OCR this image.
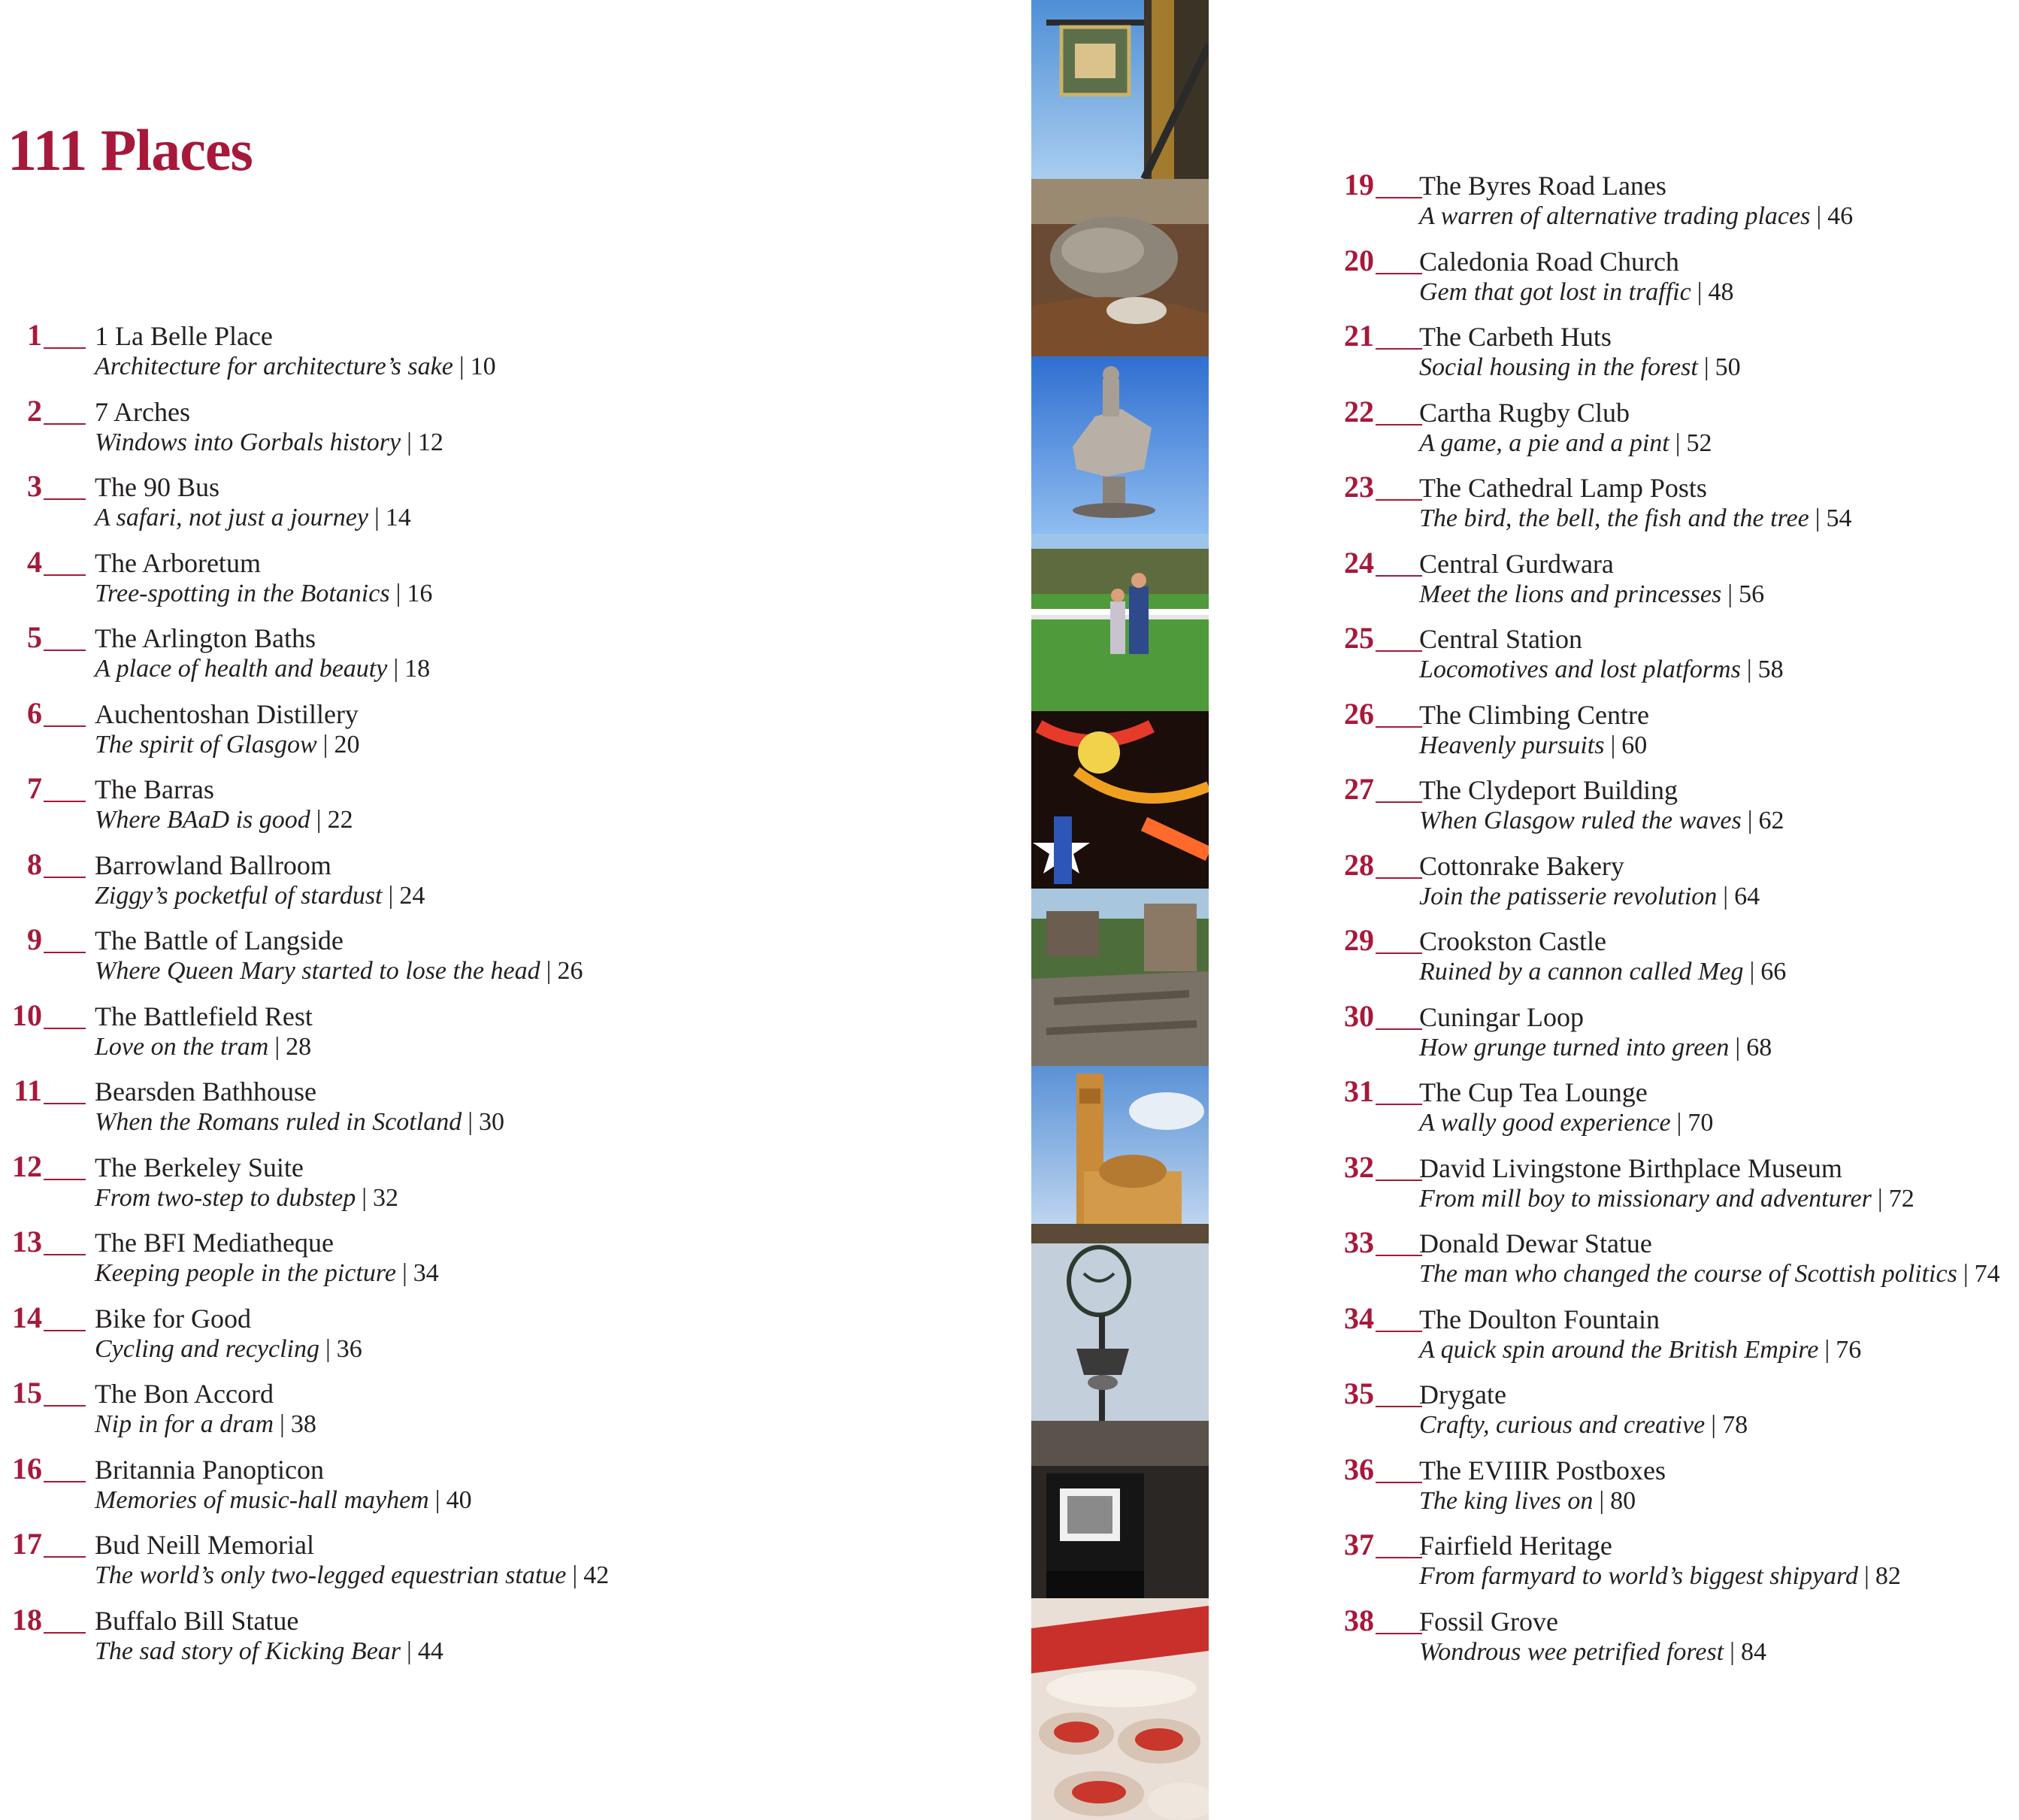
111 Places
1 1 La Belle Place
Architecture for architecture’s sake | 10
2 7 Arches
Windows into Gorbals history | 12
3 The 90 Bus
A safari, not just a journey | 14
4 The Arboretum
Tree-spotting in the Botanics | 16
5 The Arlington Baths
A place of health and beauty | 18
6 Auchentoshan Distillery
The spirit of Glasgow | 20
7 The Barras
Where BAaD is good | 22
8 Barrowland Ballroom
Ziggy’s pocketful of stardust | 24
9 The Battle of Langside
Where Queen Mary started to lose the head | 26
10 The Battlefield Rest
Love on the tram | 28
11 Bearsden Bathhouse
When the Romans ruled in Scotland | 30
12 The Berkeley Suite
From two-step to dubstep | 32
13 The BFI Mediatheque
Keeping people in the picture | 34
14 Bike for Good
Cycling and recycling | 36
15 The Bon Accord
Nip in for a dram | 38
16 Britannia Panopticon
Memories of music-hall mayhem | 40
17 Bud Neill Memorial
The world’s only two-legged equestrian statue | 42
18 Buffalo Bill Statue
The sad story of Kicking Bear | 44
19 The Byres Road Lanes
A warren of alternative trading places | 46
20 Caledonia Road Church
Gem that got lost in traffic | 48
21 The Carbeth Huts
Social housing in the forest | 50
22 Cartha Rugby Club
A game, a pie and a pint | 52
23 The Cathedral Lamp Posts
The bird, the bell, the fish and the tree | 54
24 Central Gurdwara
Meet the lions and princesses | 56
25 Central Station
Locomotives and lost platforms | 58
26 The Climbing Centre
Heavenly pursuits | 60
27 The Clydeport Building
When Glasgow ruled the waves | 62
28 Cottonrake Bakery
Join the patisserie revolution | 64
29 Crookston Castle
Ruined by a cannon called Meg | 66
30 Cuningar Loop
How grunge turned into green | 68
31 The Cup Tea Lounge
A wally good experience | 70
32 David Livingstone Birthplace Museum
From mill boy to missionary and adventurer | 72
33 Donald Dewar Statue
The man who changed the course of Scottish politics | 74
34 The Doulton Fountain
A quick spin around the British Empire | 76
35 Drygate
Crafty, curious and creative | 78
36 The EVIIIR Postboxes
The king lives on | 80
37 Fairfield Heritage
From farmyard to world’s biggest shipyard | 82
38 Fossil Grove
Wondrous wee petrified forest | 84
